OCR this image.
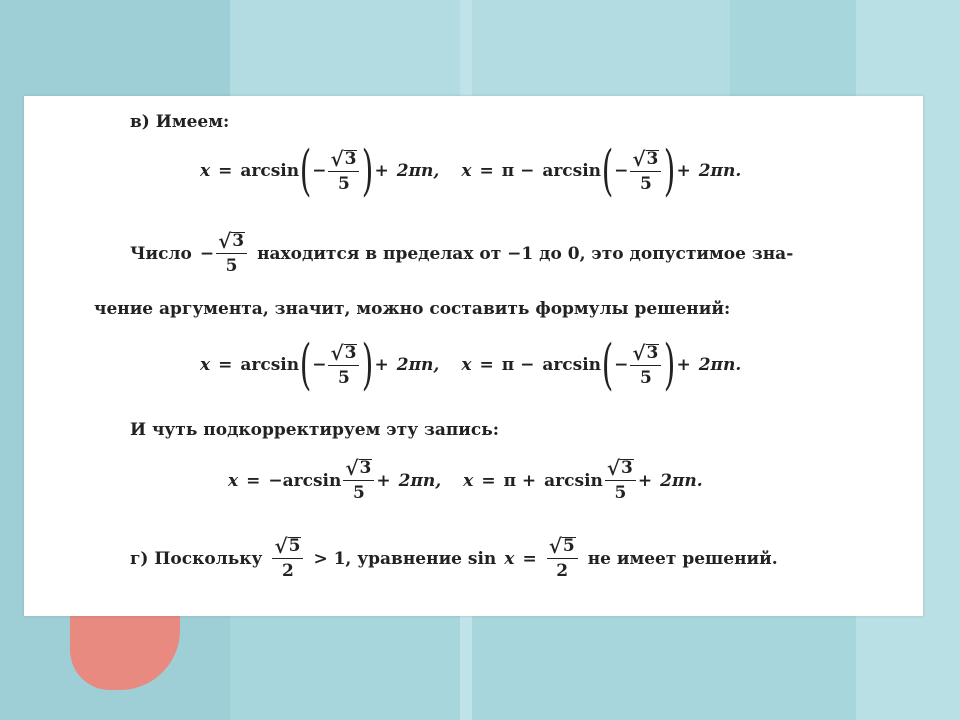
в) Имеем:
x = arcsin ( − $\frac{√ 3}{5}$ ) + 2πn, x = π − arcsin ( − $\frac{√ 3}{5}$ ) + 2πn.
Число − $\frac{√ 3}{5}$ находится в пределах от −1 до 0, это допустимое зна-
чение аргумента, значит, можно составить формулы решений:
x = arcsin ( − $\frac{√ 3}{5}$ ) + 2πn, x = π − arcsin ( − $\frac{√ 3}{5}$ ) + 2πn.
И чуть подкорректируем эту запись:
$x = -\arcsin \frac{√ 3}{5} + 2\pi n$, $x = \pi + \arcsin \frac{√ 3}{5} + 2\pi n$.
г) Поскольку $\frac{√ 5}{2} > 1$, уравнение $\sin x = \frac{√ 5}{2}$ не имеет решений.
